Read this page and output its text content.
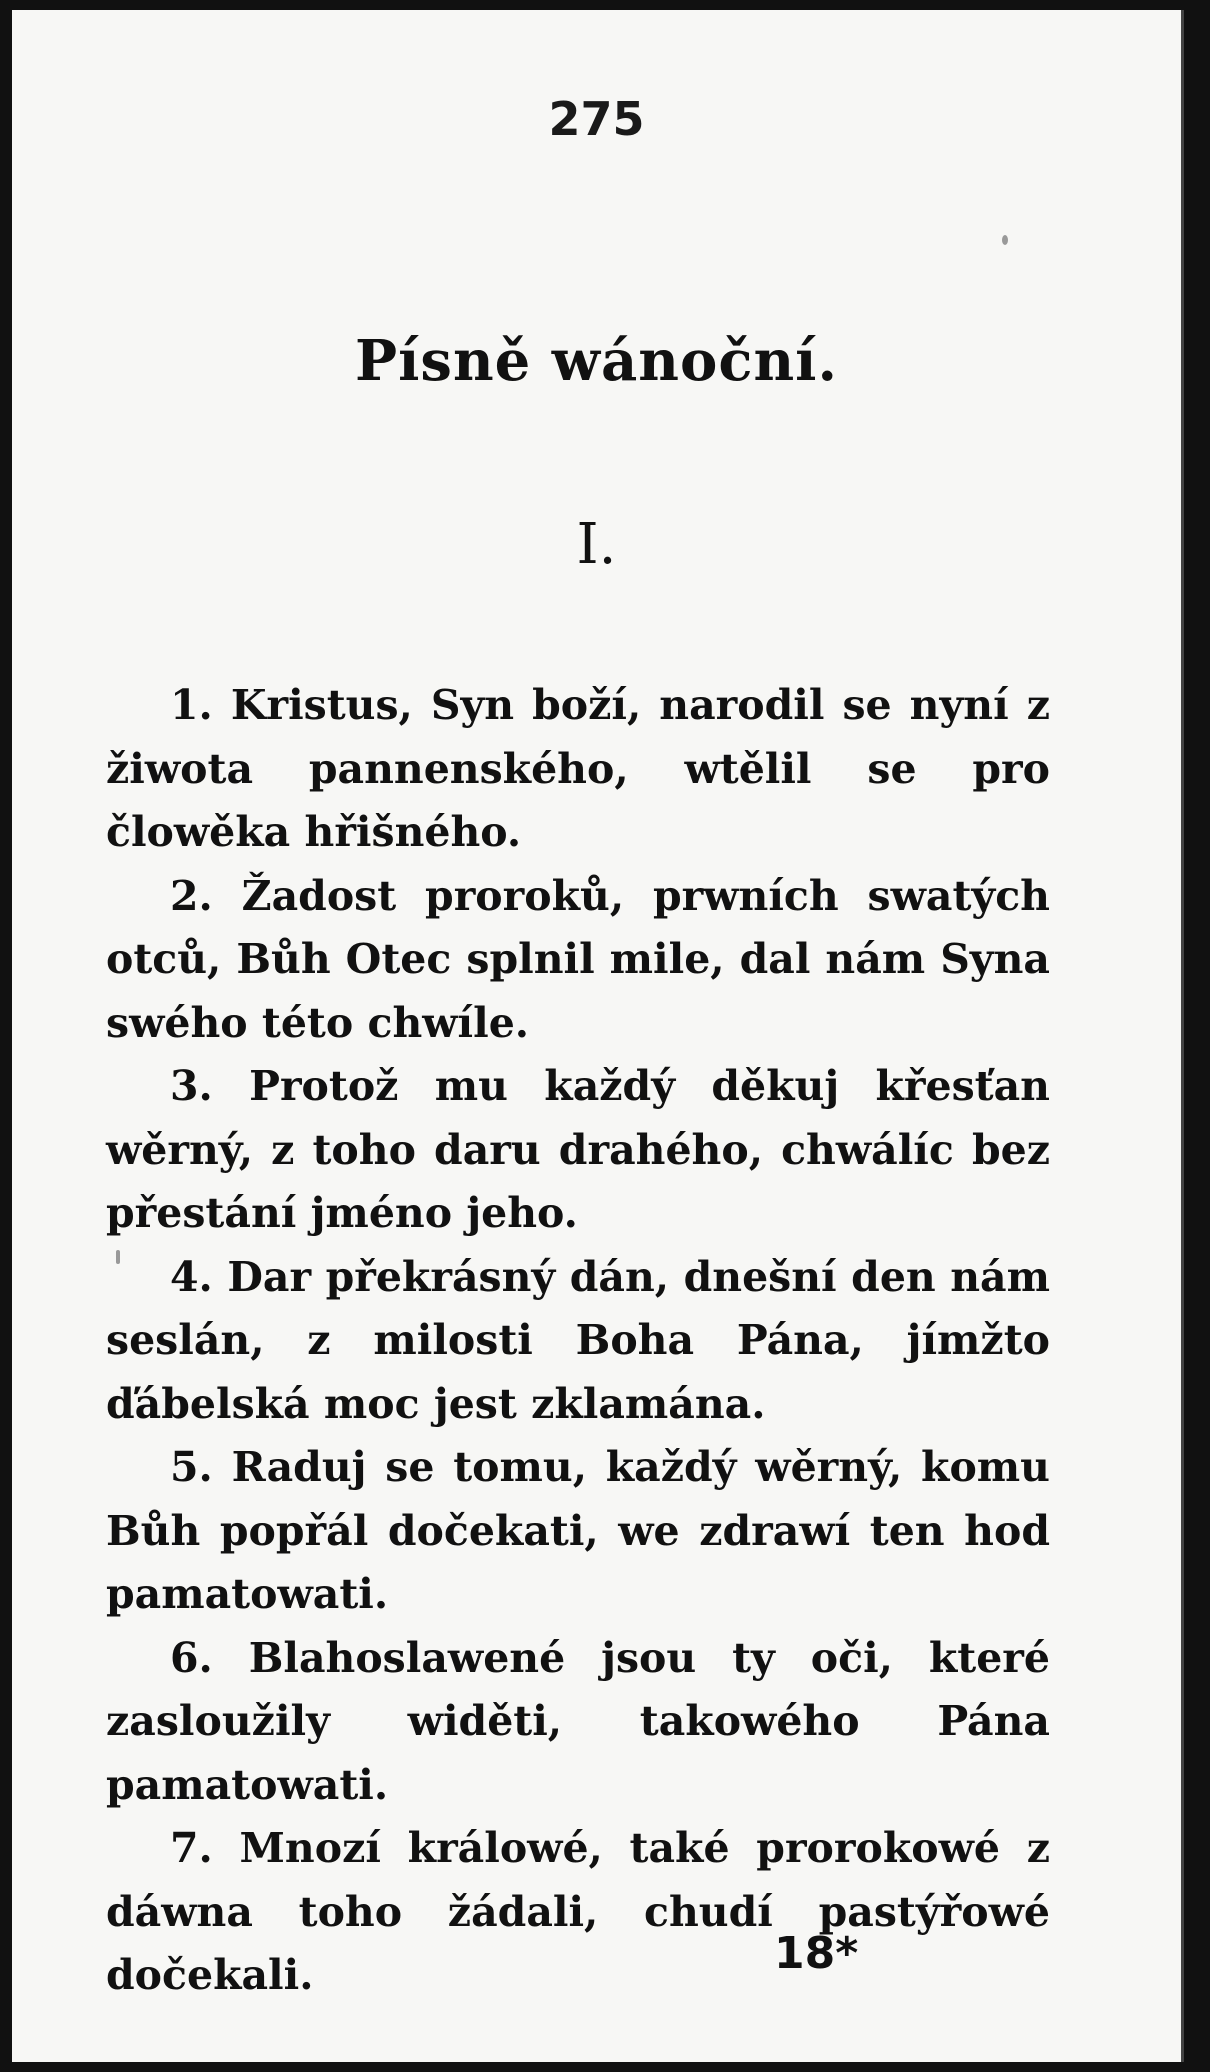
275
Písně wánoční.
I.

1. Kristus, Syn boží, narodil se nyní z žiwota pannenského, wtělil se pro člowěka hřišného.

2. Žadost proroků, prwních swatých otců, Bůh Otec splnil mile, dal nám Syna swého této chwíle.

3. Protož mu každý děkuj křesťan wěrný, z toho daru drahého, chwálíc bez přestání jméno jeho.

4. Dar překrásný dán, dnešní den nám seslán, z milosti Boha Pána, jímžto ďábelská moc jest zklamána.

5. Raduj se tomu, každý wěrný, komu Bůh popřál dočekati, we zdrawí ten hod pamatowati.

6. Blahoslawené jsou ty oči, které zasloužily widěti, takowého Pána pamatowati.

7. Mnozí králowé, také prorokowé z dáwna toho žádali, chudí pastýřowé dočekali.	18*
